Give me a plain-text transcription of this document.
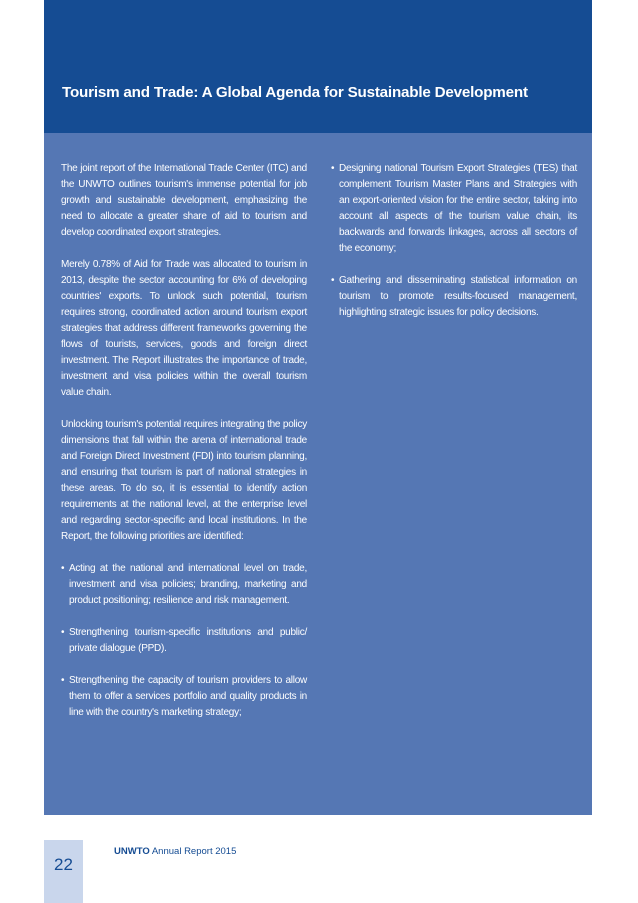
Tourism and Trade: A Global Agenda for Sustainable Development

The joint report of the International Trade Center (ITC) and the UNWTO outlines tourism's immense potential for job growth and sustainable development, emphasizing the need to allocate a greater share of aid to tourism and develop coordinated export strategies.

Merely 0.78% of Aid for Trade was allocated to tourism in 2013, despite the sector accounting for 6% of developing countries' exports. To unlock such potential, tourism requires strong, coordinated action around tourism export strategies that address different frameworks governing the flows of tourists, services, goods and foreign direct investment. The Report illustrates the importance of trade, investment and visa policies within the overall tourism value chain.

Unlocking tourism's potential requires integrating the policy dimensions that fall within the arena of international trade and Foreign Direct Investment (FDI) into tourism planning, and ensuring that tourism is part of national strategies in these areas. To do so, it is essential to identify action requirements at the national level, at the enterprise level and regarding sector-specific and local institutions. In the Report, the following priorities are identified:

• Acting at the national and international level on trade, investment and visa policies; branding, marketing and product positioning; resilience and risk management.
• Strengthening tourism-specific institutions and public/ private dialogue (PPD).
• Strengthening the capacity of tourism providers to allow them to offer a services portfolio and quality products in line with the country's marketing strategy;
• Designing national Tourism Export Strategies (TES) that complement Tourism Master Plans and Strategies with an export-oriented vision for the entire sector, taking into account all aspects of the tourism value chain, its backwards and forwards linkages, across all sectors of the economy;
• Gathering and disseminating statistical information on tourism to promote results-focused management, highlighting strategic issues for policy decisions.
22
UNWTO Annual Report 2015
